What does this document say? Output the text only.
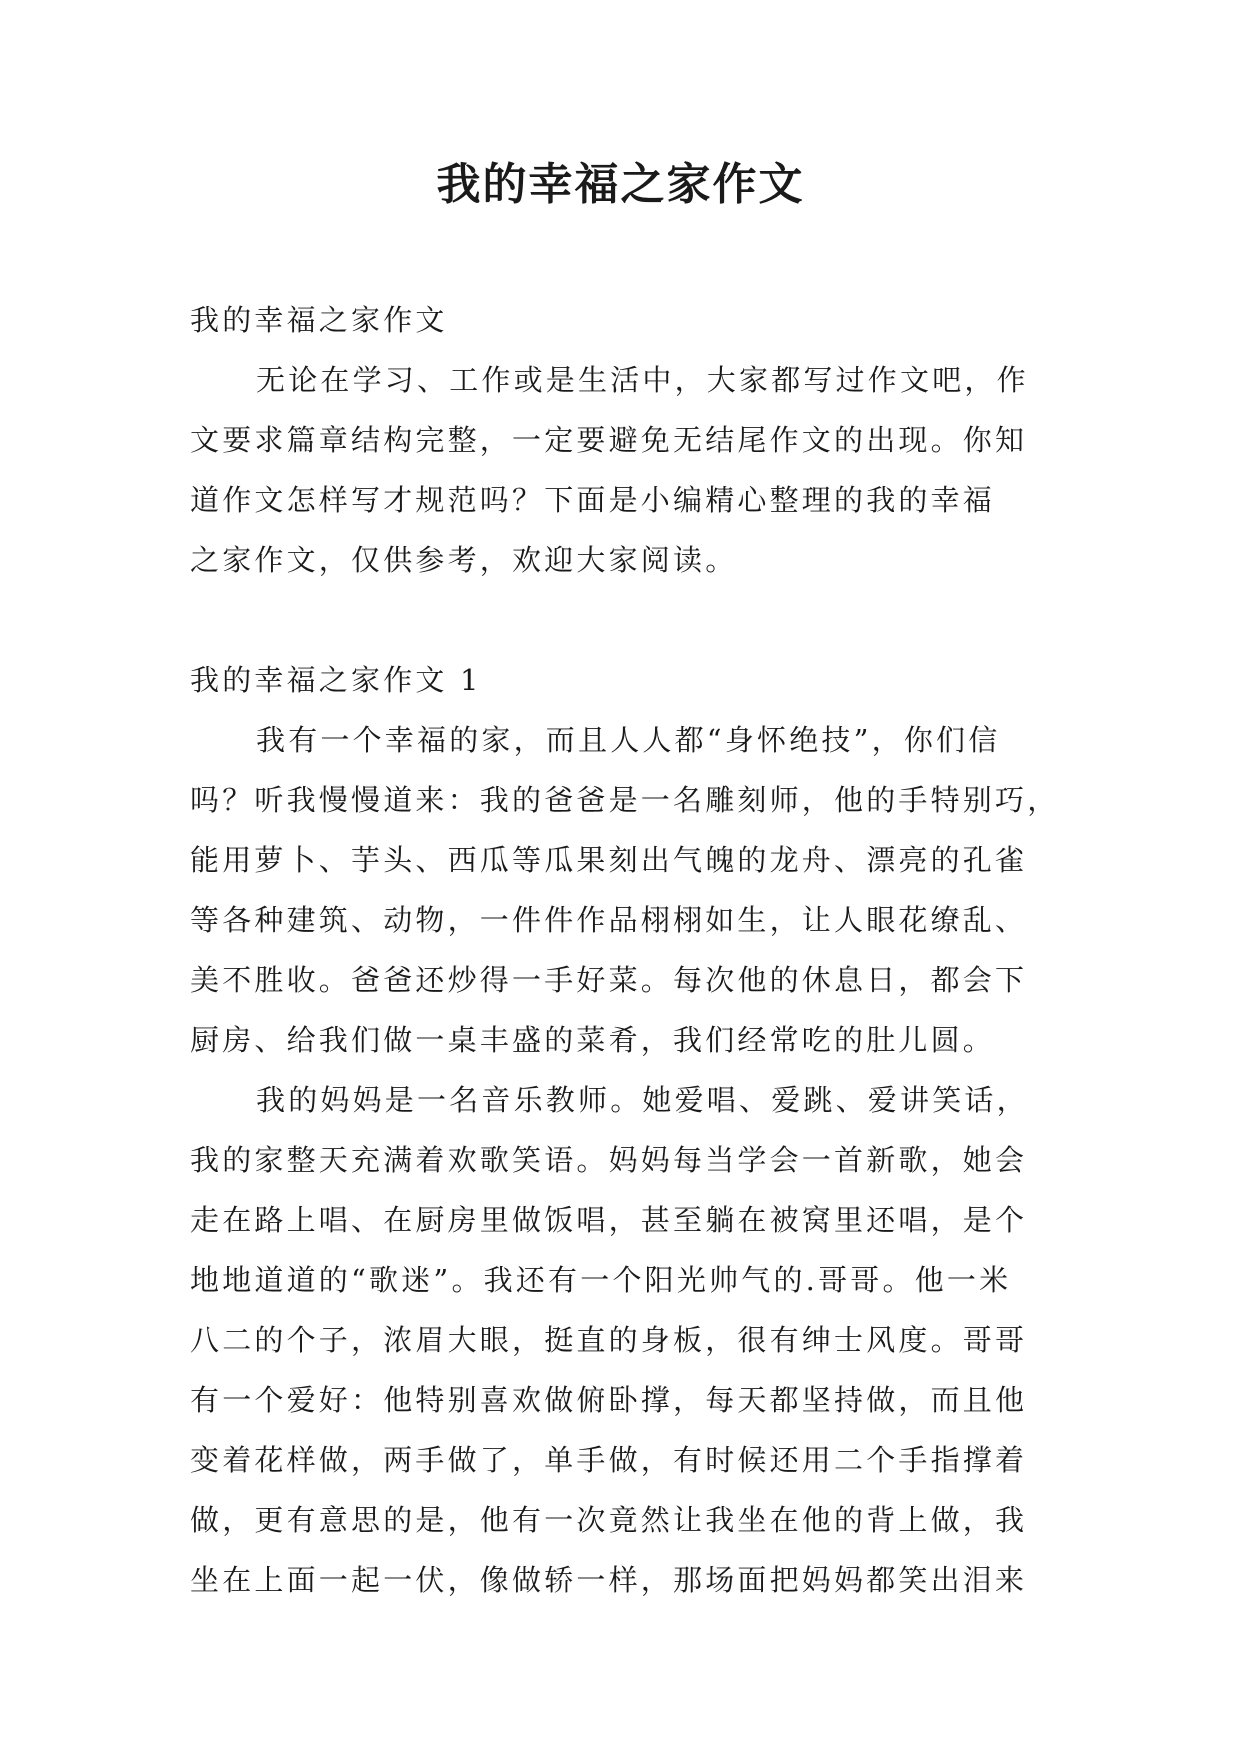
我的幸福之家作文
我的幸福之家作文
无论在学习、工作或是生活中，大家都写过作文吧，作
文要求篇章结构完整，一定要避免无结尾作文的出现。你知
道作文怎样写才规范吗？下面是小编精心整理的我的幸福
之家作文，仅供参考，欢迎大家阅读。
我的幸福之家作文 1
我有一个幸福的家，而且人人都“身怀绝技”，你们信
吗？听我慢慢道来：我的爸爸是一名雕刻师，他的手特别巧，
能用萝卜、芋头、西瓜等瓜果刻出气魄的龙舟、漂亮的孔雀
等各种建筑、动物，一件件作品栩栩如生，让人眼花缭乱、
美不胜收。爸爸还炒得一手好菜。每次他的休息日，都会下
厨房、给我们做一桌丰盛的菜肴，我们经常吃的肚儿圆。
我的妈妈是一名音乐教师。她爱唱、爱跳、爱讲笑话，
我的家整天充满着欢歌笑语。妈妈每当学会一首新歌，她会
走在路上唱、在厨房里做饭唱，甚至躺在被窝里还唱，是个
地地道道的“歌迷”。我还有一个阳光帅气的.哥哥。他一米
八二的个子，浓眉大眼，挺直的身板，很有绅士风度。哥哥
有一个爱好：他特别喜欢做俯卧撑，每天都坚持做，而且他
变着花样做，两手做了，单手做，有时候还用二个手指撑着
做，更有意思的是，他有一次竟然让我坐在他的背上做，我
坐在上面一起一伏，像做轿一样，那场面把妈妈都笑出泪来
